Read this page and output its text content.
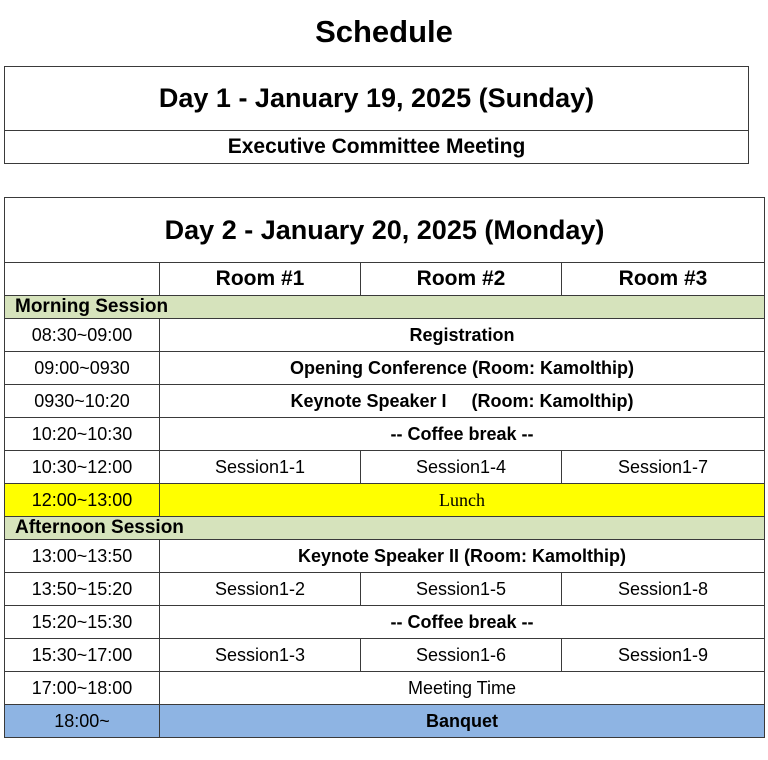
Schedule
Day 1 - January 19, 2025 (Sunday)
Executive Committee Meeting
Day 2 - January 20, 2025 (Monday)			
	Room #1	Room #2	Room #3
Morning Session			
08:30~09:00	Registration		
09:00~0930	Opening Conference (Room: Kamolthip)		
0930~10:20	Keynote Speaker I     (Room: Kamolthip)		
10:20~10:30	-- Coffee break --		
10:30~12:00	Session1-1	Session1-4	Session1-7
12:00~13:00	Lunch		
Afternoon Session			
13:00~13:50	Keynote Speaker II (Room: Kamolthip)		
13:50~15:20	Session1-2	Session1-5	Session1-8
15:20~15:30	-- Coffee break --		
15:30~17:00	Session1-3	Session1-6	Session1-9
17:00~18:00	Meeting Time		
18:00~	Banquet		
